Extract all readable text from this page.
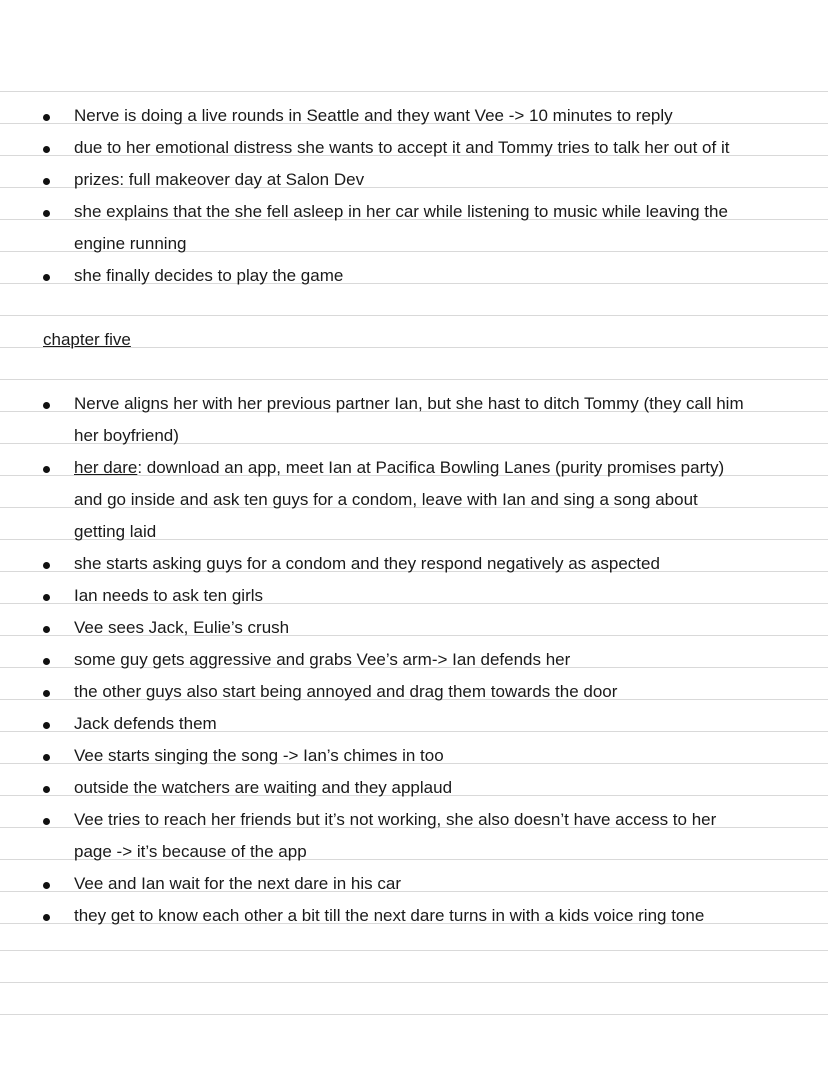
Nerve is doing a live rounds in Seattle and they want Vee -> 10 minutes to reply
due to her emotional distress she wants to accept it and Tommy tries to talk her out of it
prizes: full makeover day at Salon Dev
she explains that the she fell asleep in her car while listening to music while leaving the
engine running
she finally decides to play the game
chapter five
Nerve aligns her with her previous partner Ian, but she hast to ditch Tommy (they call him
her boyfriend)
her dare: download an app, meet Ian at Pacifica Bowling Lanes (purity promises party)
and go inside and ask ten guys for a condom, leave with Ian and sing a song about
getting laid
she starts asking guys for a condom and they respond negatively as aspected
Ian needs to ask ten girls
Vee sees Jack, Eulie’s crush
some guy gets aggressive and grabs Vee’s arm-> Ian defends her
the other guys also start being annoyed and drag them towards the door
Jack defends them
Vee starts singing the song -> Ian’s chimes in too
outside the watchers are waiting and they applaud
Vee tries to reach her friends but it’s not working, she also doesn’t have access to her
page -> it’s because of the app
Vee and Ian wait for the next dare in his car
they get to know each other a bit till the next dare turns in with a kids voice ring tone
